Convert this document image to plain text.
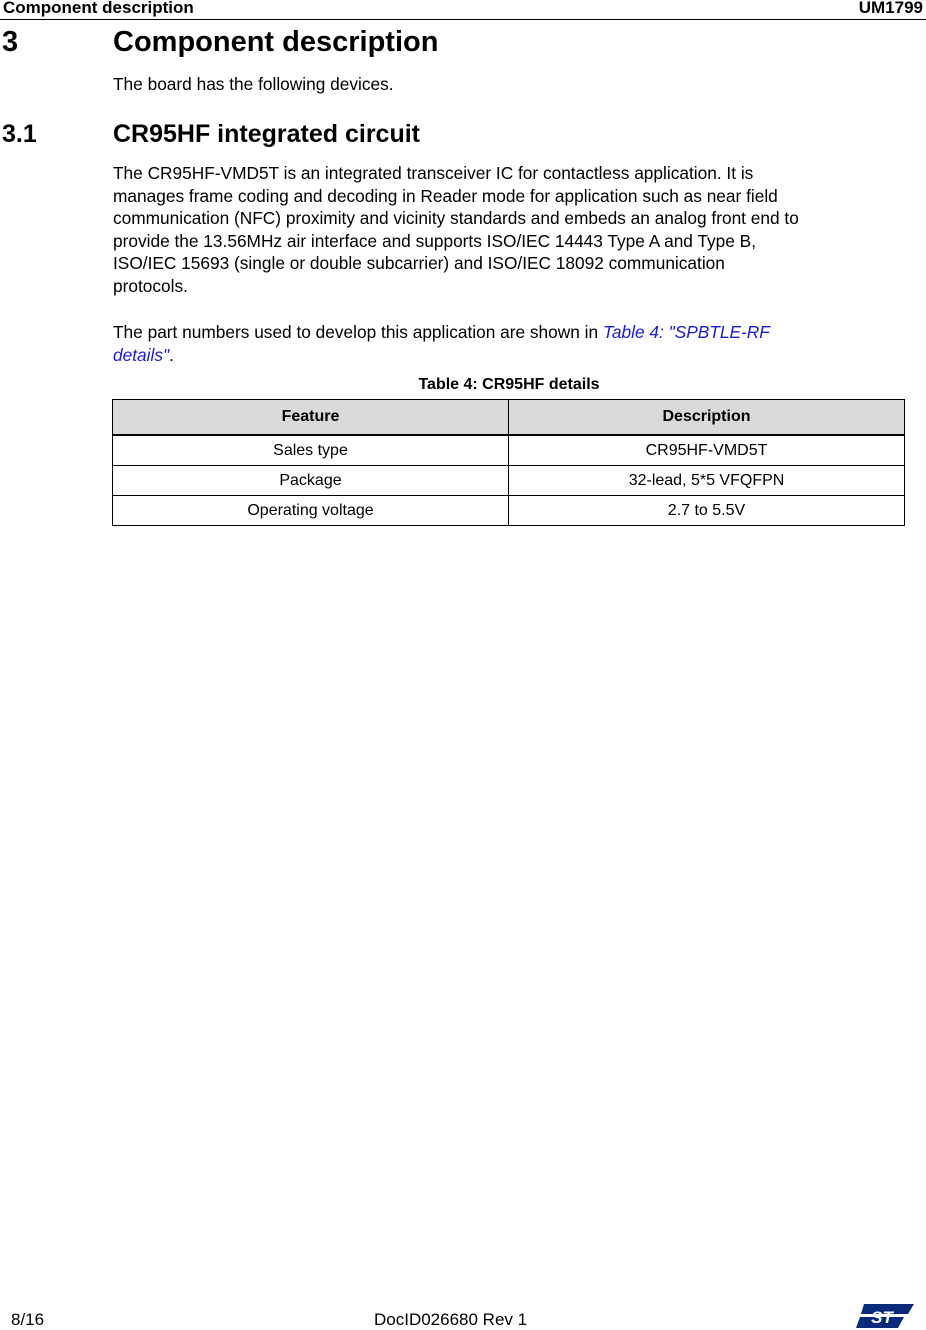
Component description	UM1799
3	Component description
The board has the following devices.
3.1	CR95HF integrated circuit
The CR95HF-VMD5T is an integrated transceiver IC for contactless application. It is
manages frame coding and decoding in Reader mode for application such as near field
communication (NFC) proximity and vicinity standards and embeds an analog front end to
provide the 13.56MHz air interface and supports ISO/IEC 14443 Type A and Type B,
ISO/IEC 15693 (single or double subcarrier) and ISO/IEC 18092 communication
protocols.
The part numbers used to develop this application are shown in Table 4: "SPBTLE-RF
details".
Table 4: CR95HF details
Feature	Description
Sales type	CR95HF-VMD5T
Package	32-lead, 5*5 VFQFPN
Operating voltage	2.7 to 5.5V
8/16	DocID026680 Rev 1	ST
